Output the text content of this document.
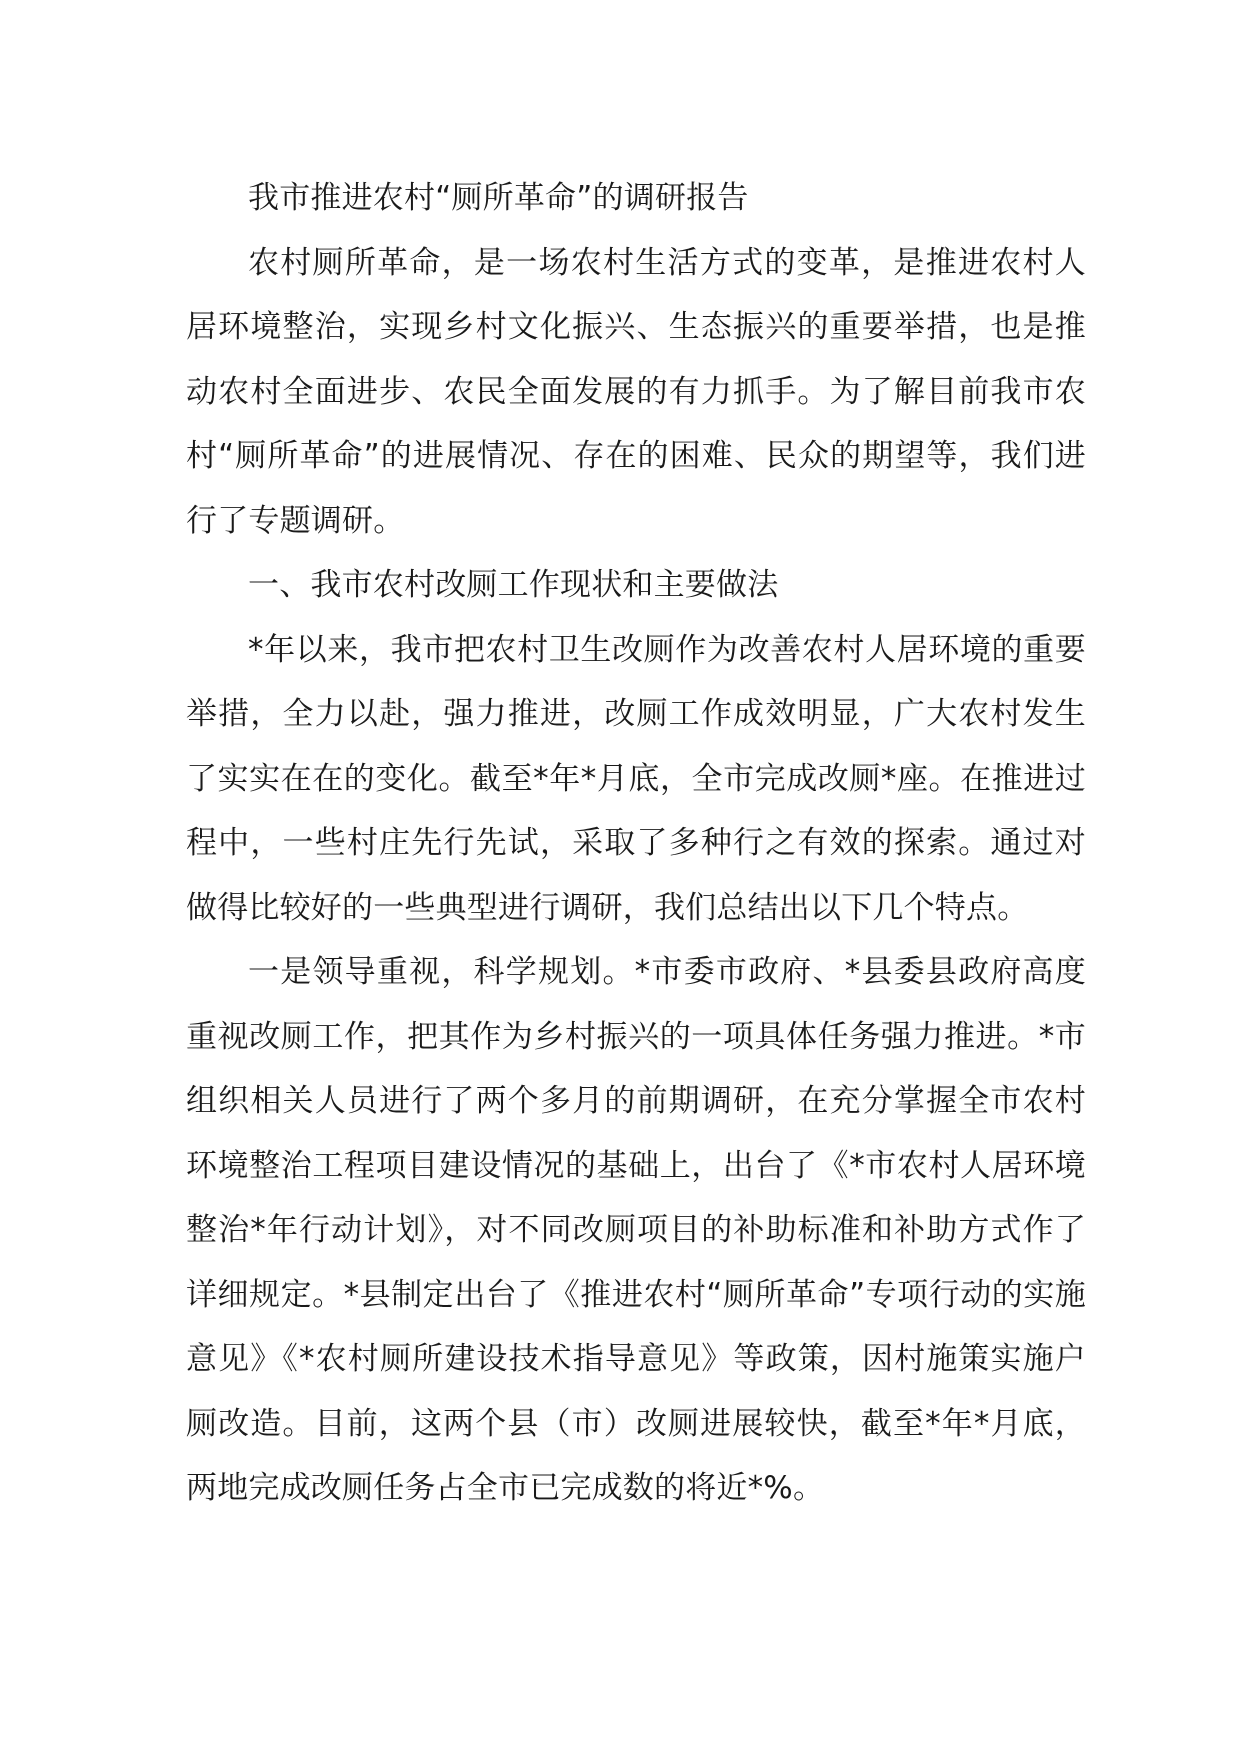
我市推进农村“厕所革命”的调研报告

农村厕所革命，是一场农村生活方式的变革，是推进农村人居环境整治，实现乡村文化振兴、生态振兴的重要举措，也是推动农村全面进步、农民全面发展的有力抓手。为了解目前我市农村“厕所革命”的进展情况、存在的困难、民众的期望等，我们进行了专题调研。

一、我市农村改厕工作现状和主要做法

*年以来，我市把农村卫生改厕作为改善农村人居环境的重要举措，全力以赴，强力推进，改厕工作成效明显，广大农村发生了实实在在的变化。截至*年*月底，全市完成改厕*座。在推进过程中，一些村庄先行先试，采取了多种行之有效的探索。通过对做得比较好的一些典型进行调研，我们总结出以下几个特点。

一是领导重视，科学规划。*市委市政府、*县委县政府高度重视改厕工作，把其作为乡村振兴的一项具体任务强力推进。*市组织相关人员进行了两个多月的前期调研，在充分掌握全市农村环境整治工程项目建设情况的基础上，出台了《*市农村人居环境整治*年行动计划》，对不同改厕项目的补助标准和补助方式作了详细规定。*县制定出台了《推进农村“厕所革命”专项行动的实施意见》《*农村厕所建设技术指导意见》等政策，因村施策实施户厕改造。目前，这两个县（市）改厕进展较快，截至*年*月底，两地完成改厕任务占全市已完成数的将近*%。
